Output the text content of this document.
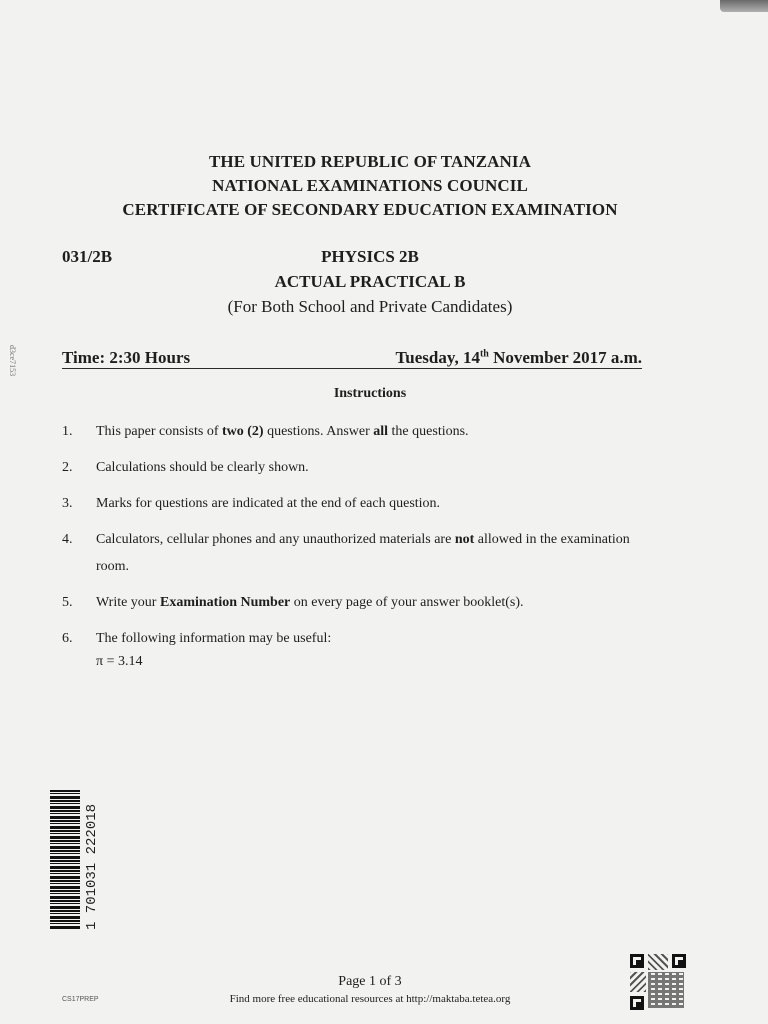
THE UNITED REPUBLIC OF TANZANIA
NATIONAL EXAMINATIONS COUNCIL
CERTIFICATE OF SECONDARY EDUCATION EXAMINATION
031/2B	PHYSICS 2B
ACTUAL PRACTICAL B
(For Both School and Private Candidates)
Time: 2:30 Hours	Tuesday, 14th November 2017 a.m.
d3ce7153
Instructions
1. This paper consists of two (2) questions. Answer all the questions.
2. Calculations should be clearly shown.
3. Marks for questions are indicated at the end of each question.
4. Calculators, cellular phones and any unauthorized materials are not allowed in the examination
room.
5. Write your Examination Number on every page of your answer booklet(s).
6. The following information may be useful:
π = 3.14
1 701031 222018
Page 1 of 3
Find more free educational resources at http://maktaba.tetea.org
CS17PREP
